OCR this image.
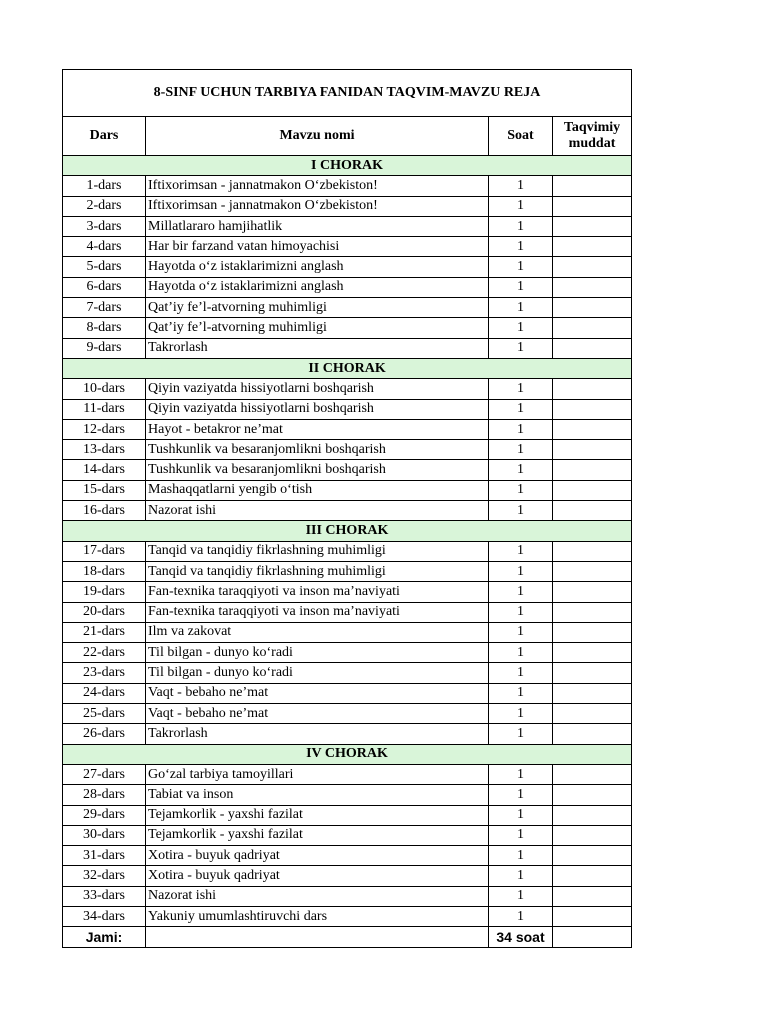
8-SINF UCHUN TARBIYA FANIDAN TAQVIM-MAVZU REJA			
Dars	Mavzu nomi	Soat	Taqvimiy
muddat
I CHORAK			
1-dars	Iftixorimsan - jannatmakon O‘zbekiston!	1	
2-dars	Iftixorimsan - jannatmakon O‘zbekiston!	1	
3-dars	Millatlararo hamjihatlik	1	
4-dars	Har bir farzand vatan himoyachisi	1	
5-dars	Hayotda o‘z istaklarimizni anglash	1	
6-dars	Hayotda o‘z istaklarimizni anglash	1	
7-dars	Qat’iy fe’l-atvorning muhimligi	1	
8-dars	Qat’iy fe’l-atvorning muhimligi	1	
9-dars	Takrorlash	1	
II CHORAK			
10-dars	Qiyin vaziyatda hissiyotlarni boshqarish	1	
11-dars	Qiyin vaziyatda hissiyotlarni boshqarish	1	
12-dars	Hayot - betakror ne’mat	1	
13-dars	Tushkunlik va besaranjomlikni boshqarish	1	
14-dars	Tushkunlik va besaranjomlikni boshqarish	1	
15-dars	Mashaqqatlarni yengib o‘tish	1	
16-dars	Nazorat ishi	1	
III CHORAK			
17-dars	Tanqid va tanqidiy fikrlashning muhimligi	1	
18-dars	Tanqid va tanqidiy fikrlashning muhimligi	1	
19-dars	Fan-texnika taraqqiyoti va inson ma’naviyati	1	
20-dars	Fan-texnika taraqqiyoti va inson ma’naviyati	1	
21-dars	Ilm va zakovat	1	
22-dars	Til bilgan - dunyo ko‘radi	1	
23-dars	Til bilgan - dunyo ko‘radi	1	
24-dars	Vaqt - bebaho ne’mat	1	
25-dars	Vaqt - bebaho ne’mat	1	
26-dars	Takrorlash	1	
IV CHORAK			
27-dars	Go‘zal tarbiya tamoyillari	1	
28-dars	Tabiat va inson	1	
29-dars	Tejamkorlik - yaxshi fazilat	1	
30-dars	Tejamkorlik - yaxshi fazilat	1	
31-dars	Xotira - buyuk qadriyat	1	
32-dars	Xotira - buyuk qadriyat	1	
33-dars	Nazorat ishi	1	
34-dars	Yakuniy umumlashtiruvchi dars	1	
Jami:		34 soat	
